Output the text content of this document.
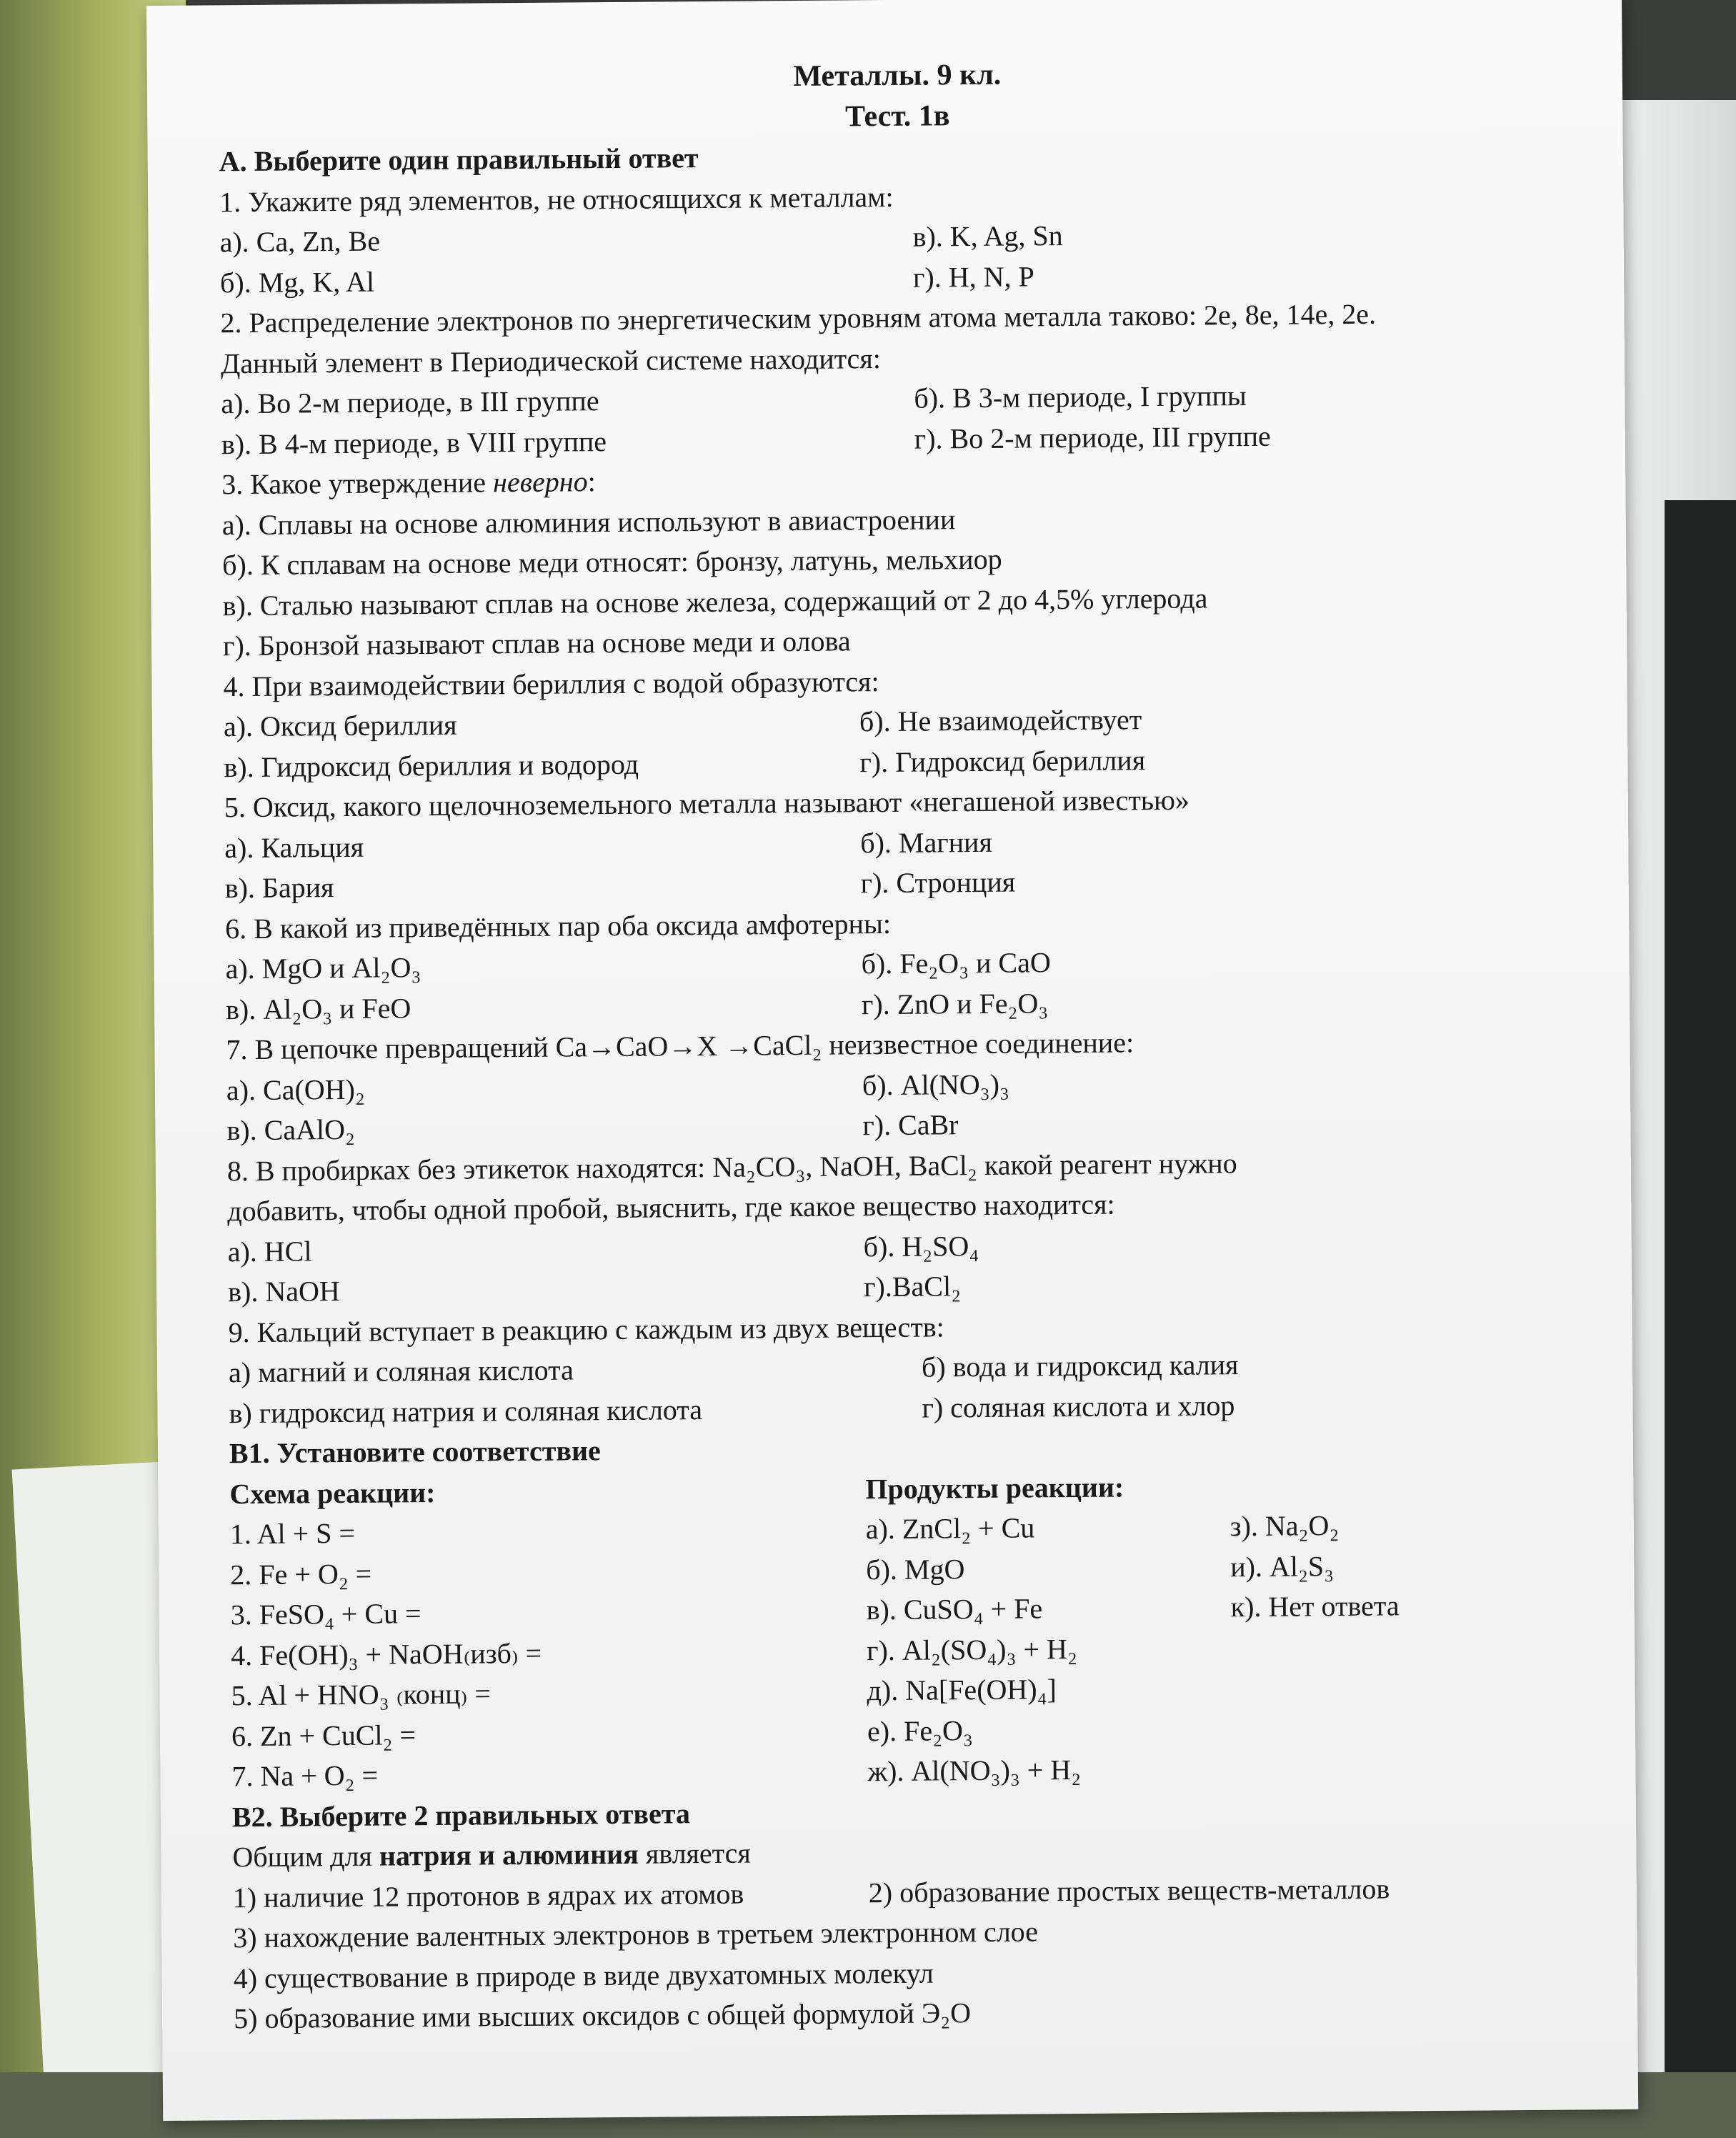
Металлы. 9 кл.
Тест. 1в
А. Выберите один правильный ответ
1. Укажите ряд элементов, не относящихся к металлам:
а). Ca, Zn, Be	в). K, Ag, Sn
б). Mg, K, Al	г). H, N, P
2. Распределение электронов по энергетическим уровням атома металла таково: 2е, 8е, 14е, 2е.
Данный элемент в Периодической системе находится:
а). Во 2-м периоде, в III группе	б). В 3-м периоде, I группы
в). В 4-м периоде, в VIII группе	г). Во 2-м периоде, III группе
3. Какое утверждение неверно:
а). Сплавы на основе алюминия используют в авиастроении
б). К сплавам на основе меди относят: бронзу, латунь, мельхиор
в). Сталью называют сплав на основе железа, содержащий от 2 до 4,5% углерода
г). Бронзой называют сплав на основе меди и олова
4. При взаимодействии бериллия с водой образуются:
а). Оксид бериллия	б). Не взаимодействует
в). Гидроксид бериллия и водород	г). Гидроксид бериллия
5. Оксид, какого щелочноземельного металла называют «негашеной известью»
а). Кальция	б). Магния
в). Бария	г). Стронция
6. В какой из приведённых пар оба оксида амфотерны:
а). MgO и Al₂O₃	б). Fe₂O₃ и CaO
в). Al₂O₃ и FeO	г). ZnO и Fe₂O₃
7. В цепочке превращений Ca→CaO→X →CaCl₂ неизвестное соединение:
а). Ca(OH)₂	б). Al(NO₃)₃
в). CaAlO₂	г). CaBr
8. В пробирках без этикеток находятся: Na₂CO₃, NaOH, BaCl₂ какой реагент нужно
добавить, чтобы одной пробой, выяснить, где какое вещество находится:
а). HCl	б). H₂SO₄
в). NaOH	г).BaCl₂
9. Кальций вступает в реакцию с каждым из двух веществ:
а) магний и соляная кислота	б) вода и гидроксид калия
в) гидроксид натрия и соляная кислота	г) соляная кислота и хлор
В1. Установите соответствие
Схема реакции:	Продукты реакции:
1. Al + S =	а). ZnCl₂ + Cu	з). Na₂O₂
2. Fe + O₂ =	б). MgO	и). Al₂S₃
3. FeSO₄ + Cu =	в). CuSO₄ + Fe	к). Нет ответа
4. Fe(OH)₃ + NaOH₍изб₎ =	г). Al₂(SO₄)₃ + H₂
5. Al + HNO₃ ₍конц₎ =	д). Na[Fe(OH)₄]
6. Zn + CuCl₂ =	е). Fe₂O₃
7. Na + O₂ =	ж). Al(NO₃)₃ + H₂
В2. Выберите 2 правильных ответа
Общим для натрия и алюминия является
1) наличие 12 протонов в ядрах их атомов	2) образование простых веществ-металлов
3) нахождение валентных электронов в третьем электронном слое
4) существование в природе в виде двухатомных молекул
5) образование ими высших оксидов с общей формулой Э₂O
